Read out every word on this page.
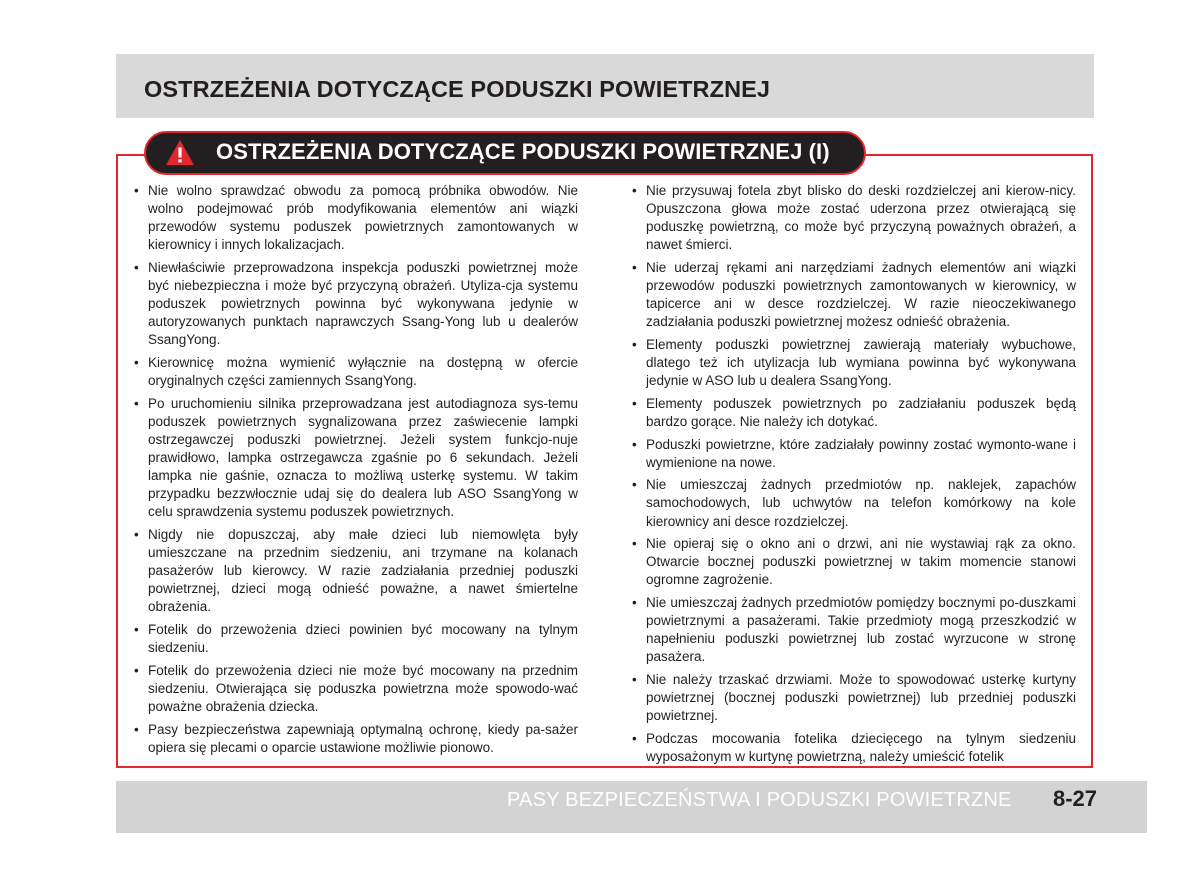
OSTRZEŻENIA DOTYCZĄCE PODUSZKI POWIETRZNEJ
OSTRZEŻENIA DOTYCZĄCE PODUSZKI POWIETRZNEJ (I)
• Nie wolno sprawdzać obwodu za pomocą próbnika obwodów. Nie wolno podejmować prób modyfikowania elementów ani wiązki przewodów systemu poduszek powietrznych zamontowanych w kierownicy i innych lokalizacjach.
• Niewłaściwie przeprowadzona inspekcja poduszki powietrznej może być niebezpieczna i może być przyczyną obrażeń. Utyliza-cja systemu poduszek powietrznych powinna być wykonywana jedynie w autoryzowanych punktach naprawczych Ssang-Yong lub u dealerów SsangYong.
• Kierownicę można wymienić wyłącznie na dostępną w ofercie oryginalnych części zamiennych SsangYong.
• Po uruchomieniu silnika przeprowadzana jest autodiagnoza sys-temu poduszek powietrznych sygnalizowana przez zaświecenie lampki ostrzegawczej poduszki powietrznej. Jeżeli system funkcjo-nuje prawidłowo, lampka ostrzegawcza zgaśnie po 6 sekundach. Jeżeli lampka nie gaśnie, oznacza to możliwą usterkę systemu. W takim przypadku bezzwłocznie udaj się do dealera lub ASO SsangYong w celu sprawdzenia systemu poduszek powietrznych.
• Nigdy nie dopuszczaj, aby małe dzieci lub niemowlęta były umieszczane na przednim siedzeniu, ani trzymane na kolanach pasażerów lub kierowcy. W razie zadziałania przedniej poduszki powietrznej, dzieci mogą odnieść poważne, a nawet śmiertelne obrażenia.
• Fotelik do przewożenia dzieci powinien być mocowany na tylnym siedzeniu.
• Fotelik do przewożenia dzieci nie może być mocowany na przednim siedzeniu. Otwierająca się poduszka powietrzna może spowodo-wać poważne obrażenia dziecka.
• Pasy bezpieczeństwa zapewniają optymalną ochronę, kiedy pa-sażer opiera się plecami o oparcie ustawione możliwie pionowo.
• Nie przysuwaj fotela zbyt blisko do deski rozdzielczej ani kierow-nicy. Opuszczona głowa może zostać uderzona przez otwierającą się poduszkę powietrzną, co może być przyczyną poważnych obrażeń, a nawet śmierci.
• Nie uderzaj rękami ani narzędziami żadnych elementów ani wiązki przewodów poduszki powietrznych zamontowanych w kierownicy, w tapicerce ani w desce rozdzielczej. W razie nieoczekiwanego zadziałania poduszki powietrznej możesz odnieść obrażenia.
• Elementy poduszki powietrznej zawierają materiały wybuchowe, dlatego też ich utylizacja lub wymiana powinna być wykonywana jedynie w ASO lub u dealera SsangYong.
• Elementy poduszek powietrznych po zadziałaniu poduszek będą bardzo gorące. Nie należy ich dotykać.
• Poduszki powietrzne, które zadziałały powinny zostać wymonto-wane i wymienione na nowe.
• Nie umieszczaj żadnych przedmiotów np. naklejek, zapachów samochodowych, lub uchwytów na telefon komórkowy na kole kierownicy ani desce rozdzielczej.
• Nie opieraj się o okno ani o drzwi, ani nie wystawiaj rąk za okno. Otwarcie bocznej poduszki powietrznej w takim momencie stanowi ogromne zagrożenie.
• Nie umieszczaj żadnych przedmiotów pomiędzy bocznymi po-duszkami powietrznymi a pasażerami. Takie przedmioty mogą przeszkodzić w napełnieniu poduszki powietrznej lub zostać wyrzucone w stronę pasażera.
• Nie należy trzaskać drzwiami. Może to spowodować usterkę kurtyny powietrznej (bocznej poduszki powietrznej) lub przedniej poduszki powietrznej.
• Podczas mocowania fotelika dziecięcego na tylnym siedzeniu wyposażonym w kurtynę powietrzną, należy umieścić fotelik
PASY BEZPIECZEŃSTWA I PODUSZKI POWIETRZNE 8-27
